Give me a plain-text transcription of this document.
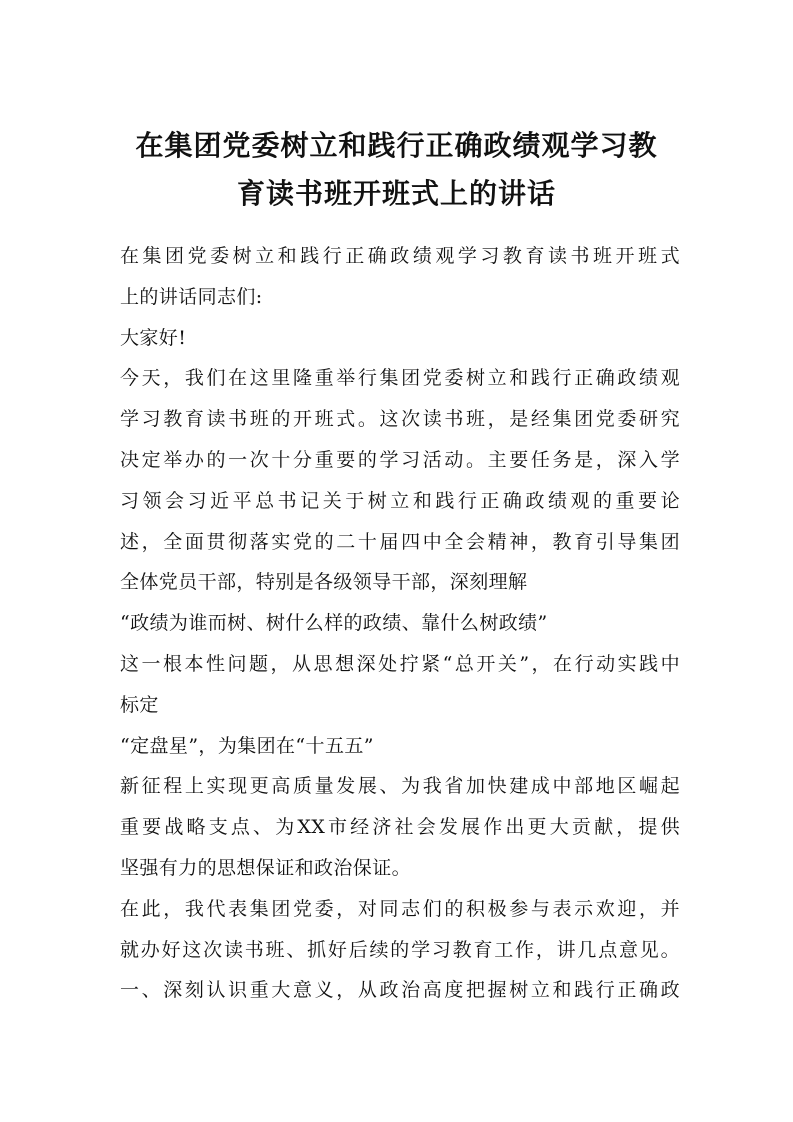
在集团党委树立和践行正确政绩观学习教
育读书班开班式上的讲话
在集团党委树立和践行正确政绩观学习教育读书班开班式
上的讲话同志们:
大家好!
今天，我们在这里隆重举行集团党委树立和践行正确政绩观
学习教育读书班的开班式。这次读书班，是经集团党委研究
决定举办的一次十分重要的学习活动。主要任务是，深入学
习领会习近平总书记关于树立和践行正确政绩观的重要论
述，全面贯彻落实党的二十届四中全会精神，教育引导集团
全体党员干部，特别是各级领导干部，深刻理解
“政绩为谁而树、树什么样的政绩、靠什么树政绩”
这一根本性问题，从思想深处拧紧“总开关”，在行动实践中
标定
“定盘星”，为集团在“十五五”
新征程上实现更高质量发展、为我省加快建成中部地区崛起
重要战略支点、为XX市经济社会发展作出更大贡献，提供
坚强有力的思想保证和政治保证。
在此，我代表集团党委，对同志们的积极参与表示欢迎，并
就办好这次读书班、抓好后续的学习教育工作，讲几点意见。
一、深刻认识重大意义，从政治高度把握树立和践行正确政
